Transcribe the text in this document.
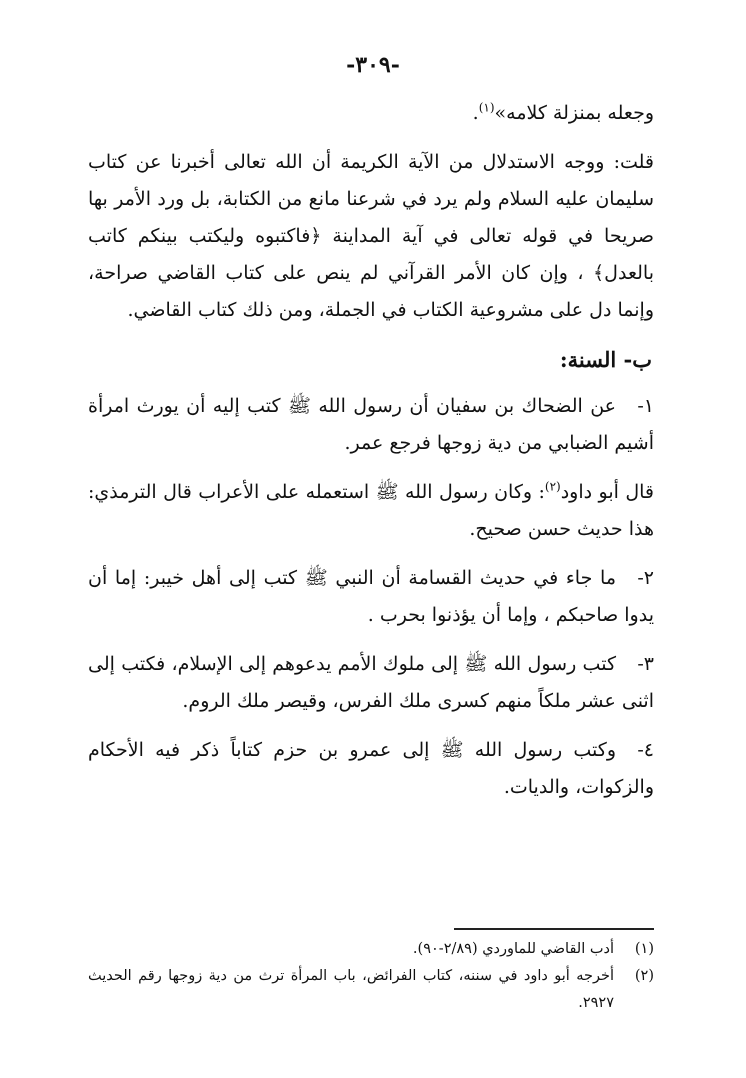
-٣٠٩-

وجعله بمنزلة كلامه»$^{(١)}$.

قلت: ووجه الاستدلال من الآية الكريمة أن الله تعالى أخبرنا عن كتاب سليمان عليه السلام ولم يرد في شرعنا مانع من الكتابة، بل ورد الأمر بها صريحا في قوله تعالى في آية المداينة ﴿فاكتبوه وليكتب بينكم كاتب بالعدل﴾ ، وإن كان الأمر القرآني لم ينص على كتاب القاضي صراحة، وإنما دل على مشروعية الكتاب في الجملة، ومن ذلك كتاب القاضي.

ب- السنة:

١-عن الضحاك بن سفيان أن رسول الله ﷺ كتب إليه أن يورث امرأة أشيم الضبابي من دية زوجها فرجع عمر.

قال أبو داود$^{(٢)}$: وكان رسول الله ﷺ استعمله على الأعراب قال الترمذي: هذا حديث حسن صحيح.

٢-ما جاء في حديث القسامة أن النبي ﷺ كتب إلى أهل خيبر: إما أن يدوا صاحبكم ، وإما أن يؤذنوا بحرب .

٣-كتب رسول الله ﷺ إلى ملوك الأمم يدعوهم إلى الإسلام، فكتب إلى اثنى عشر ملكاً منهم كسرى ملك الفرس، وقيصر ملك الروم.

٤-وكتب رسول الله ﷺ إلى عمرو بن حزم كتاباً ذكر فيه الأحكام والزكوات، والديات.

(١)
أدب القاضي للماوردي (٢/٨٩-٩٠).
(٢)
أخرجه أبو داود في سننه، كتاب الفرائض، باب المرأة ترث من دية زوجها رقم الحديث ٢٩٢٧.
